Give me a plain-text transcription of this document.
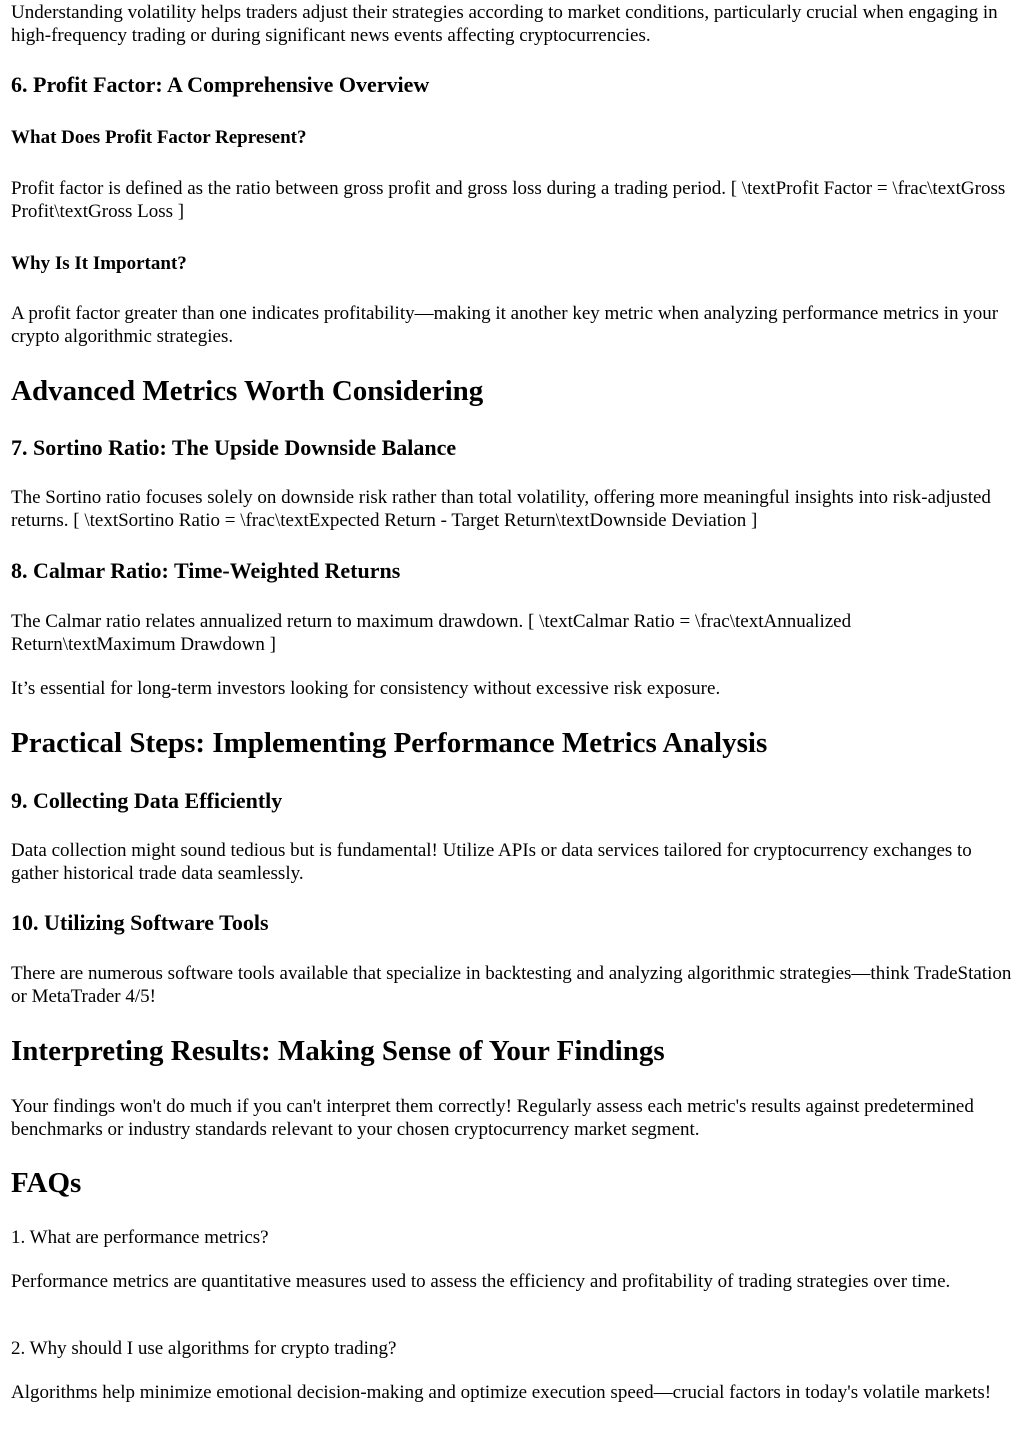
Understanding volatility helps traders adjust their strategies according to market conditions, particularly crucial when engaging in high-frequency trading or during significant news events affecting cryptocurrencies.

6. Profit Factor: A Comprehensive Overview
What Does Profit Factor Represent?

Profit factor is defined as the ratio between gross profit and gross loss during a trading period. [ \textProfit Factor = \frac\textGross Profit\textGross Loss ]

Why Is It Important?

A profit factor greater than one indicates profitability—making it another key metric when analyzing performance metrics in your crypto algorithmic strategies.

Advanced Metrics Worth Considering
7. Sortino Ratio: The Upside Downside Balance

The Sortino ratio focuses solely on downside risk rather than total volatility, offering more meaningful insights into risk-adjusted returns. [ \textSortino Ratio = \frac\textExpected Return - Target Return\textDownside Deviation ]

8. Calmar Ratio: Time-Weighted Returns

The Calmar ratio relates annualized return to maximum drawdown. [ \textCalmar Ratio = \frac\textAnnualized Return\textMaximum Drawdown ]

It’s essential for long-term investors looking for consistency without excessive risk exposure.

Practical Steps: Implementing Performance Metrics Analysis
9. Collecting Data Efficiently

Data collection might sound tedious but is fundamental! Utilize APIs or data services tailored for cryptocurrency exchanges to gather historical trade data seamlessly.

10. Utilizing Software Tools

There are numerous software tools available that specialize in backtesting and analyzing algorithmic strategies—think TradeStation or MetaTrader 4/5!

Interpreting Results: Making Sense of Your Findings

Your findings won't do much if you can't interpret them correctly! Regularly assess each metric's results against predetermined benchmarks or industry standards relevant to your chosen cryptocurrency market segment.

FAQs

1. What are performance metrics?

Performance metrics are quantitative measures used to assess the efficiency and profitability of trading strategies over time.

2. Why should I use algorithms for crypto trading?

Algorithms help minimize emotional decision-making and optimize execution speed—crucial factors in today's volatile markets!
